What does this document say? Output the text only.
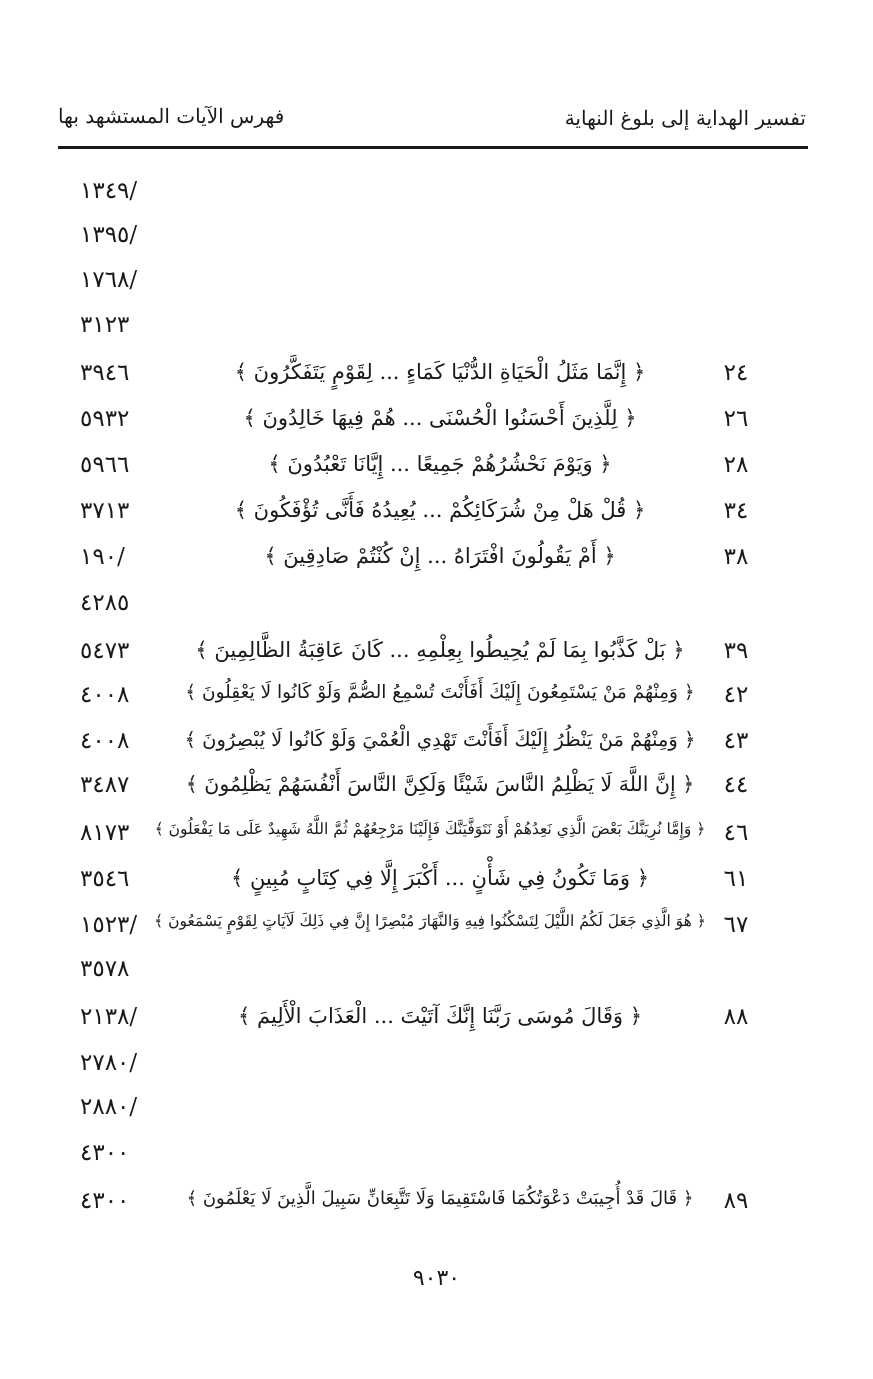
تفسير الهداية إلى بلوغ النهاية
فهرس الآيات المستشهد بها
/١٣٤٩
/١٣٩٥
/١٧٦٨
٣١٢٣
٢٤
﴿ إِنَّمَا مَثَلُ الْحَيَاةِ الدُّنْيَا كَمَاءٍ ... لِقَوْمٍ يَتَفَكَّرُونَ ﴾
٣٩٤٦
٢٦
﴿ لِلَّذِينَ أَحْسَنُوا الْحُسْنَى ... هُمْ فِيهَا خَالِدُونَ ﴾
٥٩٣٢
٢٨
﴿ وَيَوْمَ نَحْشُرُهُمْ جَمِيعًا ... إِيَّانَا تَعْبُدُونَ ﴾
٥٩٦٦
٣٤
﴿ قُلْ هَلْ مِنْ شُرَكَائِكُمْ ... يُعِيدُهُ فَأَنَّى تُؤْفَكُونَ ﴾
٣٧١٣
٣٨
﴿ أَمْ يَقُولُونَ افْتَرَاهُ ... إِنْ كُنْتُمْ صَادِقِينَ ﴾
/١٩٠
٤٢٨٥
٣٩
﴿ بَلْ كَذَّبُوا بِمَا لَمْ يُحِيطُوا بِعِلْمِهِ ... كَانَ عَاقِبَةُ الظَّالِمِينَ ﴾
٥٤٧٣
٤٢
﴿ وَمِنْهُمْ مَنْ يَسْتَمِعُونَ إِلَيْكَ أَفَأَنْتَ تُسْمِعُ الصُّمَّ وَلَوْ كَانُوا لَا يَعْقِلُونَ ﴾
٤٠٠٨
٤٣
﴿ وَمِنْهُمْ مَنْ يَنْظُرُ إِلَيْكَ أَفَأَنْتَ تَهْدِي الْعُمْيَ وَلَوْ كَانُوا لَا يُبْصِرُونَ ﴾
٤٠٠٨
٤٤
﴿ إِنَّ اللَّهَ لَا يَظْلِمُ النَّاسَ شَيْئًا وَلَكِنَّ النَّاسَ أَنْفُسَهُمْ يَظْلِمُونَ ﴾
٣٤٨٧
٤٦
﴿ وَإِمَّا نُرِيَنَّكَ بَعْضَ الَّذِي نَعِدُهُمْ أَوْ نَتَوَفَّيَنَّكَ فَإِلَيْنَا مَرْجِعُهُمْ ثُمَّ اللَّهُ شَهِيدٌ عَلَى مَا يَفْعَلُونَ ﴾
٨١٧٣
٦١
﴿ وَمَا تَكُونُ فِي شَأْنٍ ... أَكْبَرَ إِلَّا فِي كِتَابٍ مُبِينٍ ﴾
٣٥٤٦
٦٧
﴿ هُوَ الَّذِي جَعَلَ لَكُمُ اللَّيْلَ لِتَسْكُنُوا فِيهِ وَالنَّهَارَ مُبْصِرًا إِنَّ فِي ذَلِكَ لَآيَاتٍ لِقَوْمٍ يَسْمَعُونَ ﴾
/١٥٢٣
٣٥٧٨
٨٨
﴿ وَقَالَ مُوسَى رَبَّنَا إِنَّكَ آتَيْتَ ... الْعَذَابَ الْأَلِيمَ ﴾
/٢١٣٨
/٢٧٨٠
/٢٨٨٠
٤٣٠٠
٨٩
﴿ قَالَ قَدْ أُجِيبَتْ دَعْوَتُكُمَا فَاسْتَقِيمَا وَلَا تَتَّبِعَانِّ سَبِيلَ الَّذِينَ لَا يَعْلَمُونَ ﴾
٤٣٠٠
٩٠٣٠
